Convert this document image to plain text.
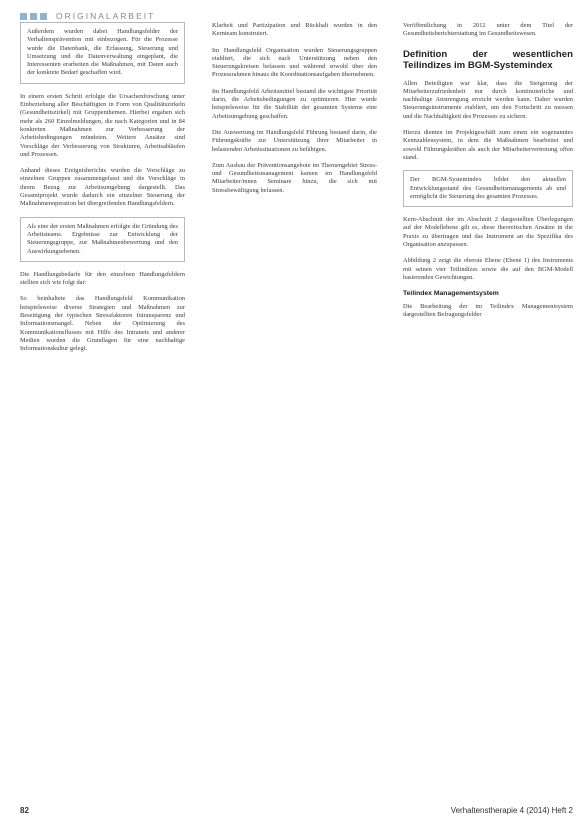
ORIGINALARBEIT
Außerdem wurden dabei Handlungsfelder der Verhaltensprävention mit einbezogen. Für die Prozesse wurde die Datenbank, die Erfassung, Steuerung und Umsetzung und die Datenverwaltung eingeplant, die Interessenten erarbeiten die Maßnahmen, mit Daten auch der konkrete Bedarf geschaffen wird.

In einem ersten Schritt erfolgte die Ursachenforschung unter Einbeziehung aller Beschäftigten in Form von Qualitätszirkeln (Gesundheitszirkel) mit Gruppenthemen. Hierbei ergaben sich mehr als 260 Einzelmeldungen, die nach Kategorien und in 84 konkreten Maßnahmen zur Verbesserung der Arbeitsbedingungen mündeten. Weitere Ansätze sind Vorschläge der Verbesserung von Strukturen, Arbeitsabläufen und Prozessen.

Anhand dieses Ereignisberichts wurden die Vorschläge zu einzelnen Gruppen zusammengefasst und die Vorschläge in ihrem Bezug zur Arbeitsumgebung dargestellt. Das Gesamtprojekt wurde dadurch ein einzelner Steuerung der Maßnahmenoperation bei übergreifenden Handlungsfeldern.

Als eine der ersten Maßnahmen erfolgte die Gründung des Arbeitsteams. Ergebnisse zur Entwicklung der Steuerungsgruppe, zur Maßnahmenbewertung und den Auswirkungsebenen.

Die Handlungsbedarfe für den einzelnen Handlungsfeldern stellten sich wie folgt dar:

So beinhaltete das Handlungsfeld Kommunikation beispielsweise diverse Strategien und Maßnahmen zur Beseitigung der typischen Stressfaktoren Intransparenz und Informationsmangel. Neben der Optimierung des Kommunikationsflusses mit Hilfe des Intranets und anderer Medien wurden die Grundlagen für eine nachhaltige Informationskultur gelegt.

Klarheit und Partizipation und Rückhalt wurden in den Kernteam konstruiert.

Im Handlungsfeld Organisation wurden Steuerungsgruppen etabliert, die sich nach Unterstützung neben den Steuerungskreisen befassen und während sowohl über den Prozessrahmen hinaus die Koordinationsaufgaben übernehmen.

Im Handlungsfeld Arbeitsmittel bestand die wichtigste Priorität darin, die Arbeitsbedingungen zu optimieren. Hier wurde beispielsweise für die Stabilität der gesamten Systeme eine Arbeitsumgebung geschaffen.

Die Auswertung im Handlungsfeld Führung bestand darin, die Führungskräfte zur Unterstützung ihrer Mitarbeiter in belastenden Arbeitssituationen zu befähigen.

Zum Ausbau der Präventionsangebote im Themengebiet Stress- und Gesundheitsmanagement kamen im Handlungsfeld Mitarbeiter/innen Seminare hinzu, die sich mit Stressbewältigung befassen.

Veröffentlichung in 2012 unter dem Titel der Gesundheitsberichterstattung im Gesundheitswesen.

Definition der wesentlichen Teilindizes im BGM-Systemindex

Allen Beteiligten war klar, dass die Steigerung der Mitarbeiterzufriedenheit nur durch kontinuierliche und nachhaltige Anstrengung erreicht werden kann. Daher wurden Steuerungsinstrumente etabliert, um den Fortschritt zu messen und die Nachhaltigkeit des Prozesses zu sichern.

Hierzu dienten im Projektgeschäft zum einen ein sogenanntes Kennzahlensystem, in dem die Maßnahmen bearbeitet und sowohl Führungskräften als auch der Mitarbeitervertretung offen stand.

Der BGM-Systemindex bildet den aktuellen Entwicklungsstand des Gesundheitsmanagements ab und ermöglicht die Steuerung des gesamten Prozesses.

Kern-Abschnitt der im Abschnitt 2 dargestellten Überlegungen auf der Modellebene gilt es, diese theoretischen Ansätze in die Praxis zu übertragen und das Instrument an die Spezifika des Organisation anzupassen.

Abbildung 2 zeigt die oberste Ebene (Ebene 1) des Instruments mit seinen vier Teilindizes sowie die auf den BGM-Modell basierenden Gewichtungen.

Teilindex Managementsystem

Die Bearbeitung der im Teilindex Managementsystem dargestellten Befragungsfelder

82	Verhaltenstherapie 4 (2014) Heft 2
